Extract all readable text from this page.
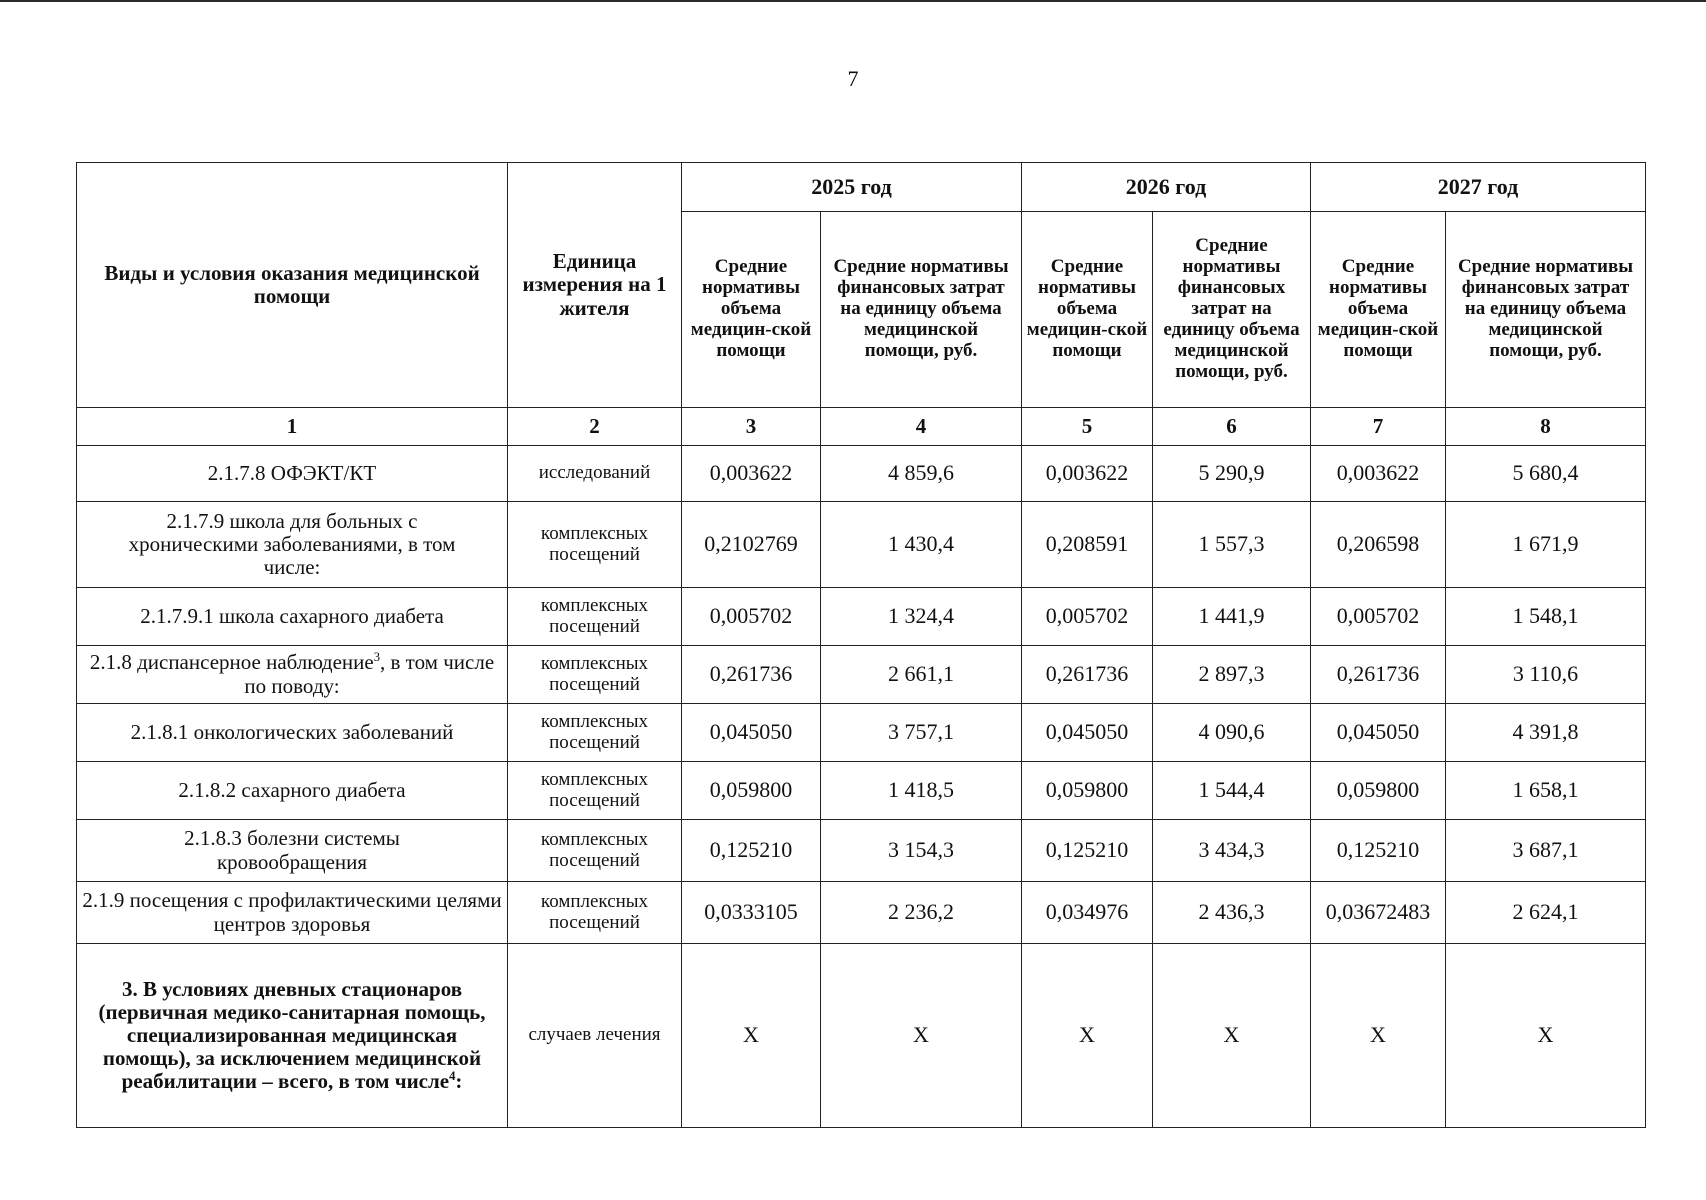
7
Виды и условия оказания медицинской помощи	Единица измерения на 1 жителя	2025 год		2026 год		2027 год	
		Средние нормативы объема медицин-ской помощи	Средние нормативы финансовых затрат на единицу объема медицинской помощи, руб.	Средние нормативы объема медицин-ской помощи	Средние нормативы финансовых затрат на единицу объема медицинской помощи, руб.	Средние нормативы объема медицин-ской помощи	Средние нормативы финансовых затрат на единицу объема медицинской помощи, руб.
1	2	3	4	5	6	7	8
2.1.7.8 ОФЭКТ/КТ	исследований	0,003622	4 859,6	0,003622	5 290,9	0,003622	5 680,4
2.1.7.9 школа для больных с хроническими заболеваниями, в том числе:	комплексных посещений	0,2102769	1 430,4	0,208591	1 557,3	0,206598	1 671,9
2.1.7.9.1 школа сахарного диабета	комплексных посещений	0,005702	1 324,4	0,005702	1 441,9	0,005702	1 548,1
2.1.8 диспансерное наблюдение$^3$, в том числе по поводу:	комплексных посещений	0,261736	2 661,1	0,261736	2 897,3	0,261736	3 110,6
2.1.8.1 онкологических заболеваний	комплексных посещений	0,045050	3 757,1	0,045050	4 090,6	0,045050	4 391,8
2.1.8.2 сахарного диабета	комплексных посещений	0,059800	1 418,5	0,059800	1 544,4	0,059800	1 658,1
2.1.8.3 болезни системы кровообращения	комплексных посещений	0,125210	3 154,3	0,125210	3 434,3	0,125210	3 687,1
2.1.9 посещения с профилактическими целями центров здоровья	комплексных посещений	0,0333105	2 236,2	0,034976	2 436,3	0,03672483	2 624,1
3. В условиях дневных стационаров (первичная медико-санитарная помощь, специализированная медицинская помощь), за исключением медицинской реабилитации – всего, в том числе$^4$:	случаев лечения	Х	Х	Х	Х	Х	Х
